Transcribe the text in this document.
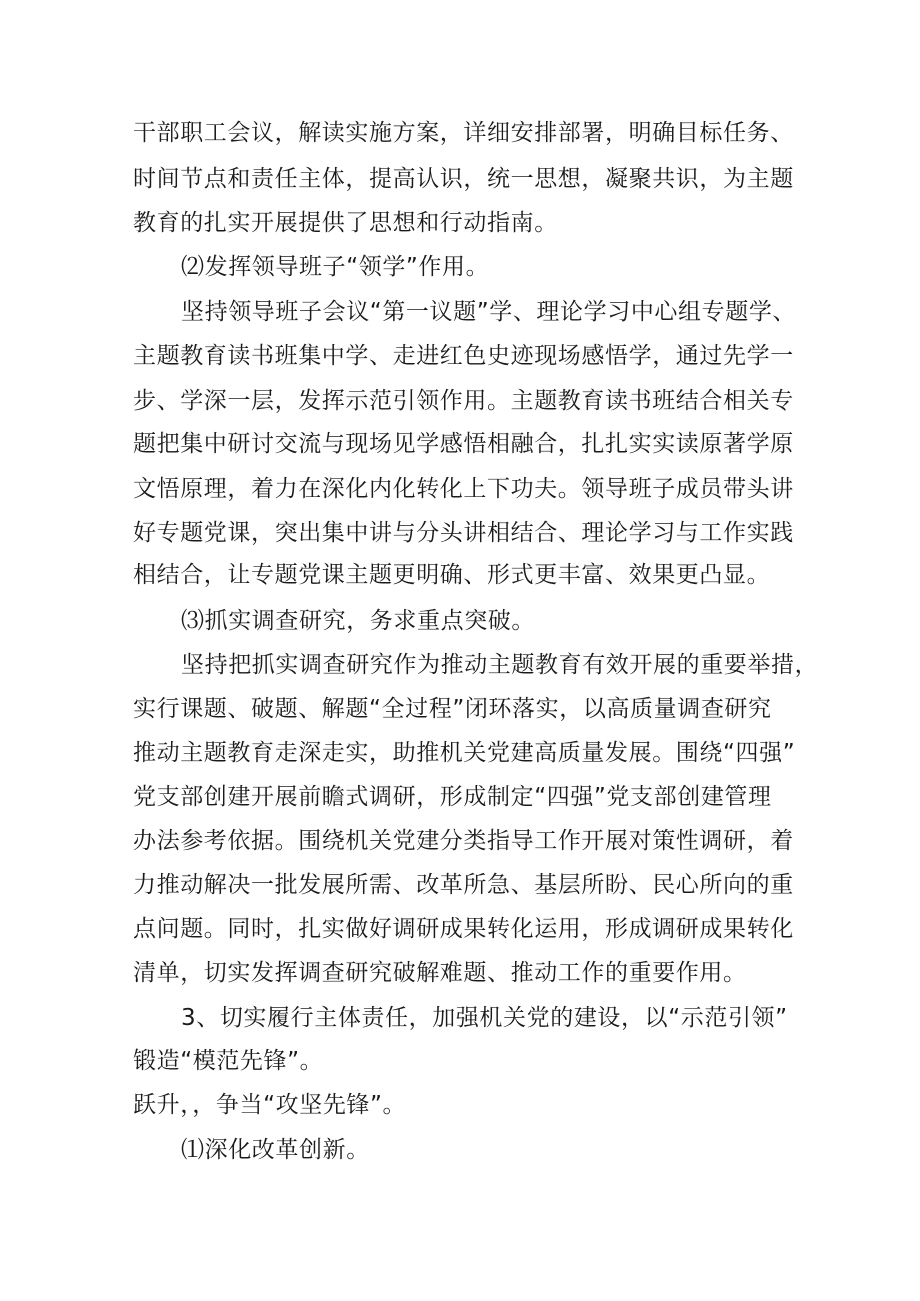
干部职工会议，解读实施方案，详细安排部署，明确目标任务、
时间节点和责任主体，提高认识，统一思想，凝聚共识，为主题
教育的扎实开展提供了思想和行动指南。
⑵发挥领导班子“领学”作用。
坚持领导班子会议“第一议题”学、理论学习中心组专题学、
主题教育读书班集中学、走进红色史迹现场感悟学，通过先学一
步、学深一层，发挥示范引领作用。主题教育读书班结合相关专
题把集中研讨交流与现场见学感悟相融合，扎扎实实读原著学原
文悟原理，着力在深化内化转化上下功夫。领导班子成员带头讲
好专题党课，突出集中讲与分头讲相结合、理论学习与工作实践
相结合，让专题党课主题更明确、形式更丰富、效果更凸显。
⑶抓实调查研究，务求重点突破。
坚持把抓实调查研究作为推动主题教育有效开展的重要举措，
实行课题、破题、解题“全过程”闭环落实，以高质量调查研究
推动主题教育走深走实，助推机关党建高质量发展。围绕“四强”
党支部创建开展前瞻式调研，形成制定“四强”党支部创建管理
办法参考依据。围绕机关党建分类指导工作开展对策性调研，着
力推动解决一批发展所需、改革所急、基层所盼、民心所向的重
点问题。同时，扎实做好调研成果转化运用，形成调研成果转化
清单，切实发挥调查研究破解难题、推动工作的重要作用。
3、切实履行主体责任，加强机关党的建设，以“示范引领”
锻造“模范先锋”。
跃升，，争当“攻坚先锋”。
⑴深化改革创新。
